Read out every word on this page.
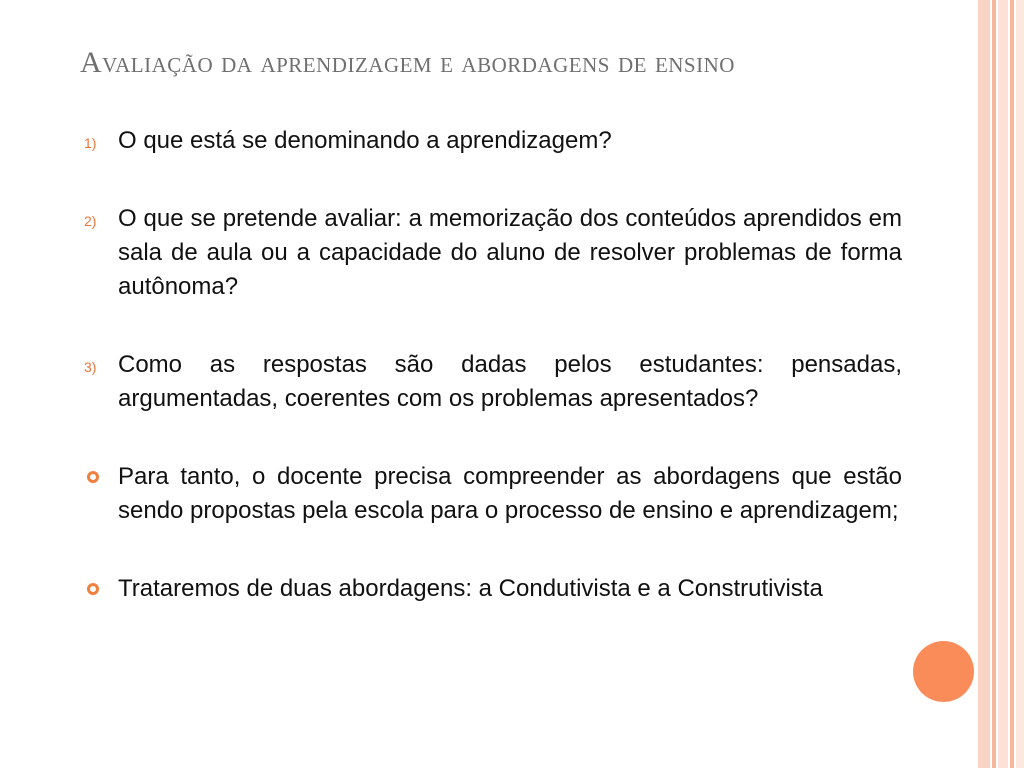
Avaliação da aprendizagem e abordagens de ensino
1) O que está se denominando a aprendizagem?
2) O que se pretende avaliar: a memorização dos conteúdos aprendidos em sala de aula ou a capacidade do aluno de resolver problemas de forma autônoma?
3) Como as respostas são dadas pelos estudantes: pensadas, argumentadas, coerentes com os problemas apresentados?
Para tanto, o docente precisa compreender as abordagens que estão sendo propostas pela escola para o processo de ensino e aprendizagem;
Trataremos de duas abordagens: a Condutivista e a Construtivista
